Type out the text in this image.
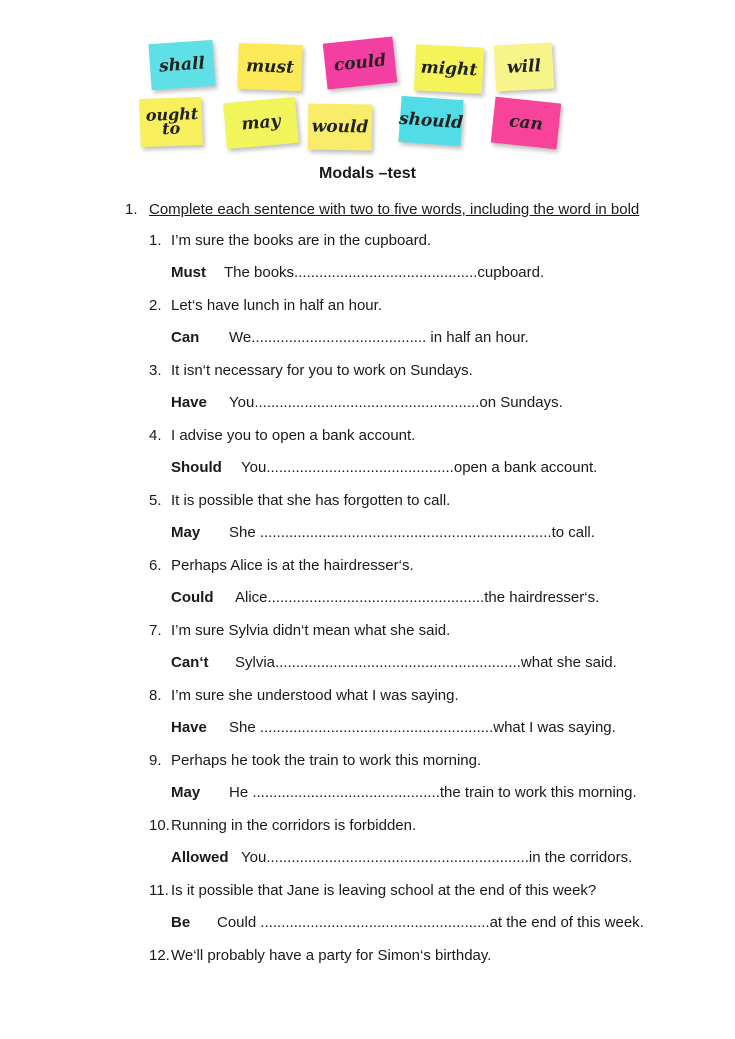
shall must could might will
ought to	may would should	can
Modals –test
1. Complete each sentence with two to five words, including the word in bold
1. I’m sure the books are in the cupboard.
Must The books............................................cupboard.
2. Let‘s have lunch in half an hour.
Can We.......................................... in half an hour.
3. It isn‘t necessary for you to work on Sundays.
Have You......................................................on Sundays.
4. I advise you to open a bank account.
Should You.............................................open a bank account.
5. It is possible that she has forgotten to call.
May She ......................................................................to call.
6. Perhaps Alice is at the hairdresser‘s.
Could Alice....................................................the hairdresser‘s.
7. I’m sure Sylvia didn‘t mean what she said.
Can‘t Sylvia...........................................................what she said.
8. I’m sure she understood what I was saying.
Have She ........................................................what I was saying.
9. Perhaps he took the train to work this morning.
May He .............................................the train to work this morning.
10.Running in the corridors is forbidden.
Allowed You...............................................................in the corridors.
11. Is it possible that Jane is leaving school at the end of this week?
Be Could .......................................................at the end of this week.
12.We‘ll probably have a party for Simon‘s birthday.
